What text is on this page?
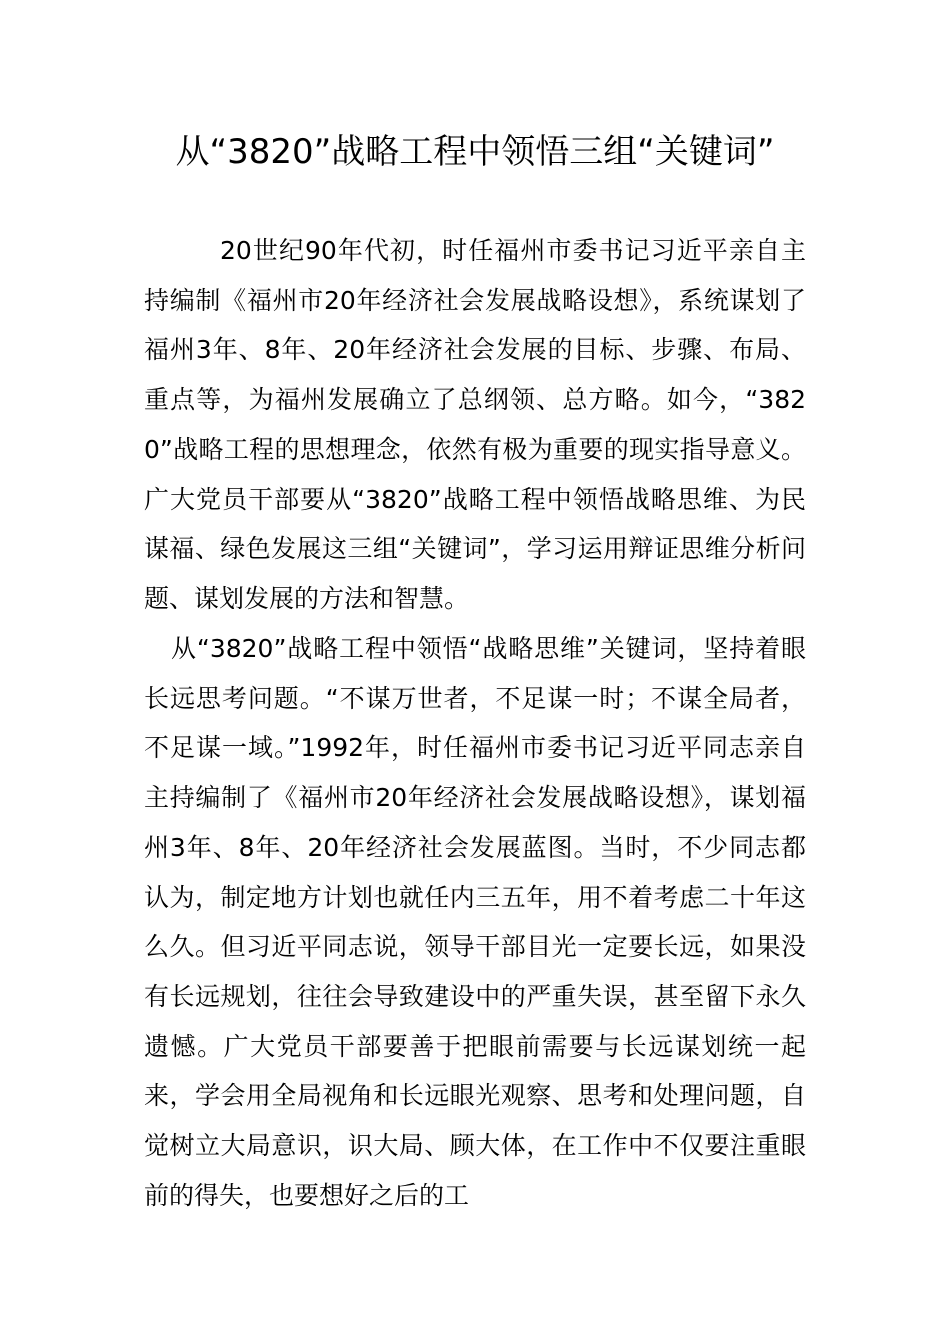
从“3820”战略工程中领悟三组“关键词”

20世纪90年代初，时任福州市委书记习近平亲自主持编制《福州市20年经济社会发展战略设想》，系统谋划了福州3年、8年、20年经济社会发展的目标、步骤、布局、重点等，为福州发展确立了总纲领、总方略。如今，“3820”战略工程的思想理念，依然有极为重要的现实指导意义。广大党员干部要从“3820”战略工程中领悟战略思维、为民谋福、绿色发展这三组“关键词”，学习运用辩证思维分析问题、谋划发展的方法和智慧。

从“3820”战略工程中领悟“战略思维”关键词，坚持着眼长远思考问题。“不谋万世者，不足谋一时；不谋全局者，不足谋一域。”1992年，时任福州市委书记习近平同志亲自主持编制了《福州市20年经济社会发展战略设想》，谋划福州3年、8年、20年经济社会发展蓝图。当时，不少同志都认为，制定地方计划也就任内三五年，用不着考虑二十年这么久。但习近平同志说，领导干部目光一定要长远，如果没有长远规划，往往会导致建设中的严重失误，甚至留下永久遗憾。广大党员干部要善于把眼前需要与长远谋划统一起来，学会用全局视角和长远眼光观察、思考和处理问题，自觉树立大局意识，识大局、顾大体，在工作中不仅要注重眼前的得失，也要想好之后的工
